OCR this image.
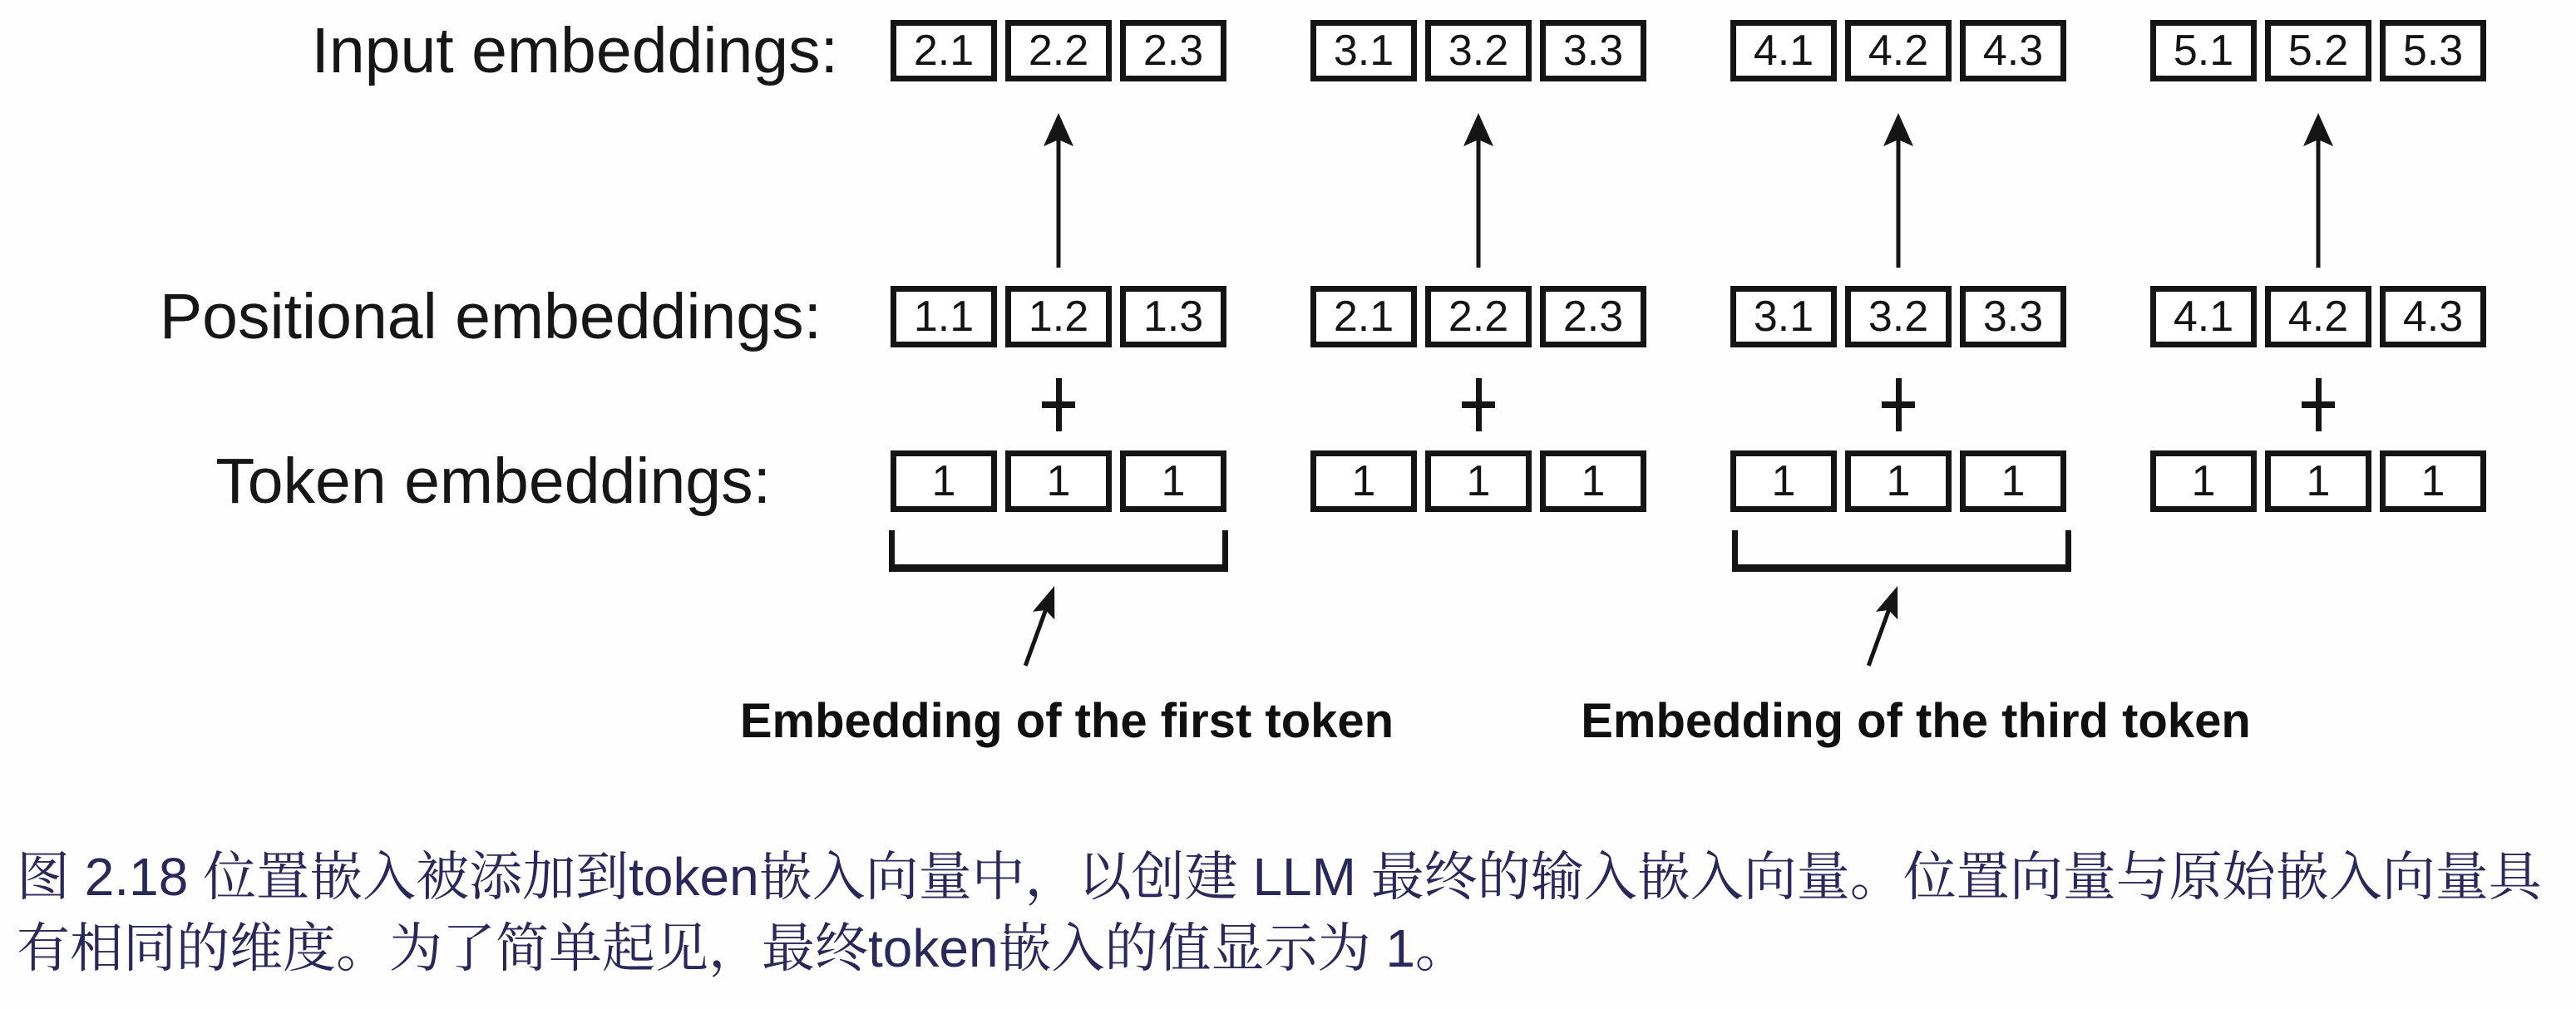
Input embeddings:
Positional embeddings:
Token embeddings:
2.1	2.2	2.3	3.1	3.2	3.3	4.1	4.2	4.3	5.1	5.2	5.3
1.1	1.2	1.3	2.1	2.2	2.3	3.1	3.2	3.3	4.1	4.2	4.3
1	1	1	1	1	1	1	1	1	1	1	1
Embedding of the first token	Embedding of the third token
图 2.18 位置嵌入被添加到token嵌入向量中，以创建 LLM 最终的输入嵌入向量。位置向量与原始嵌入向量具有相同的维度。为了简单起见，最终token嵌入的值显示为 1。
